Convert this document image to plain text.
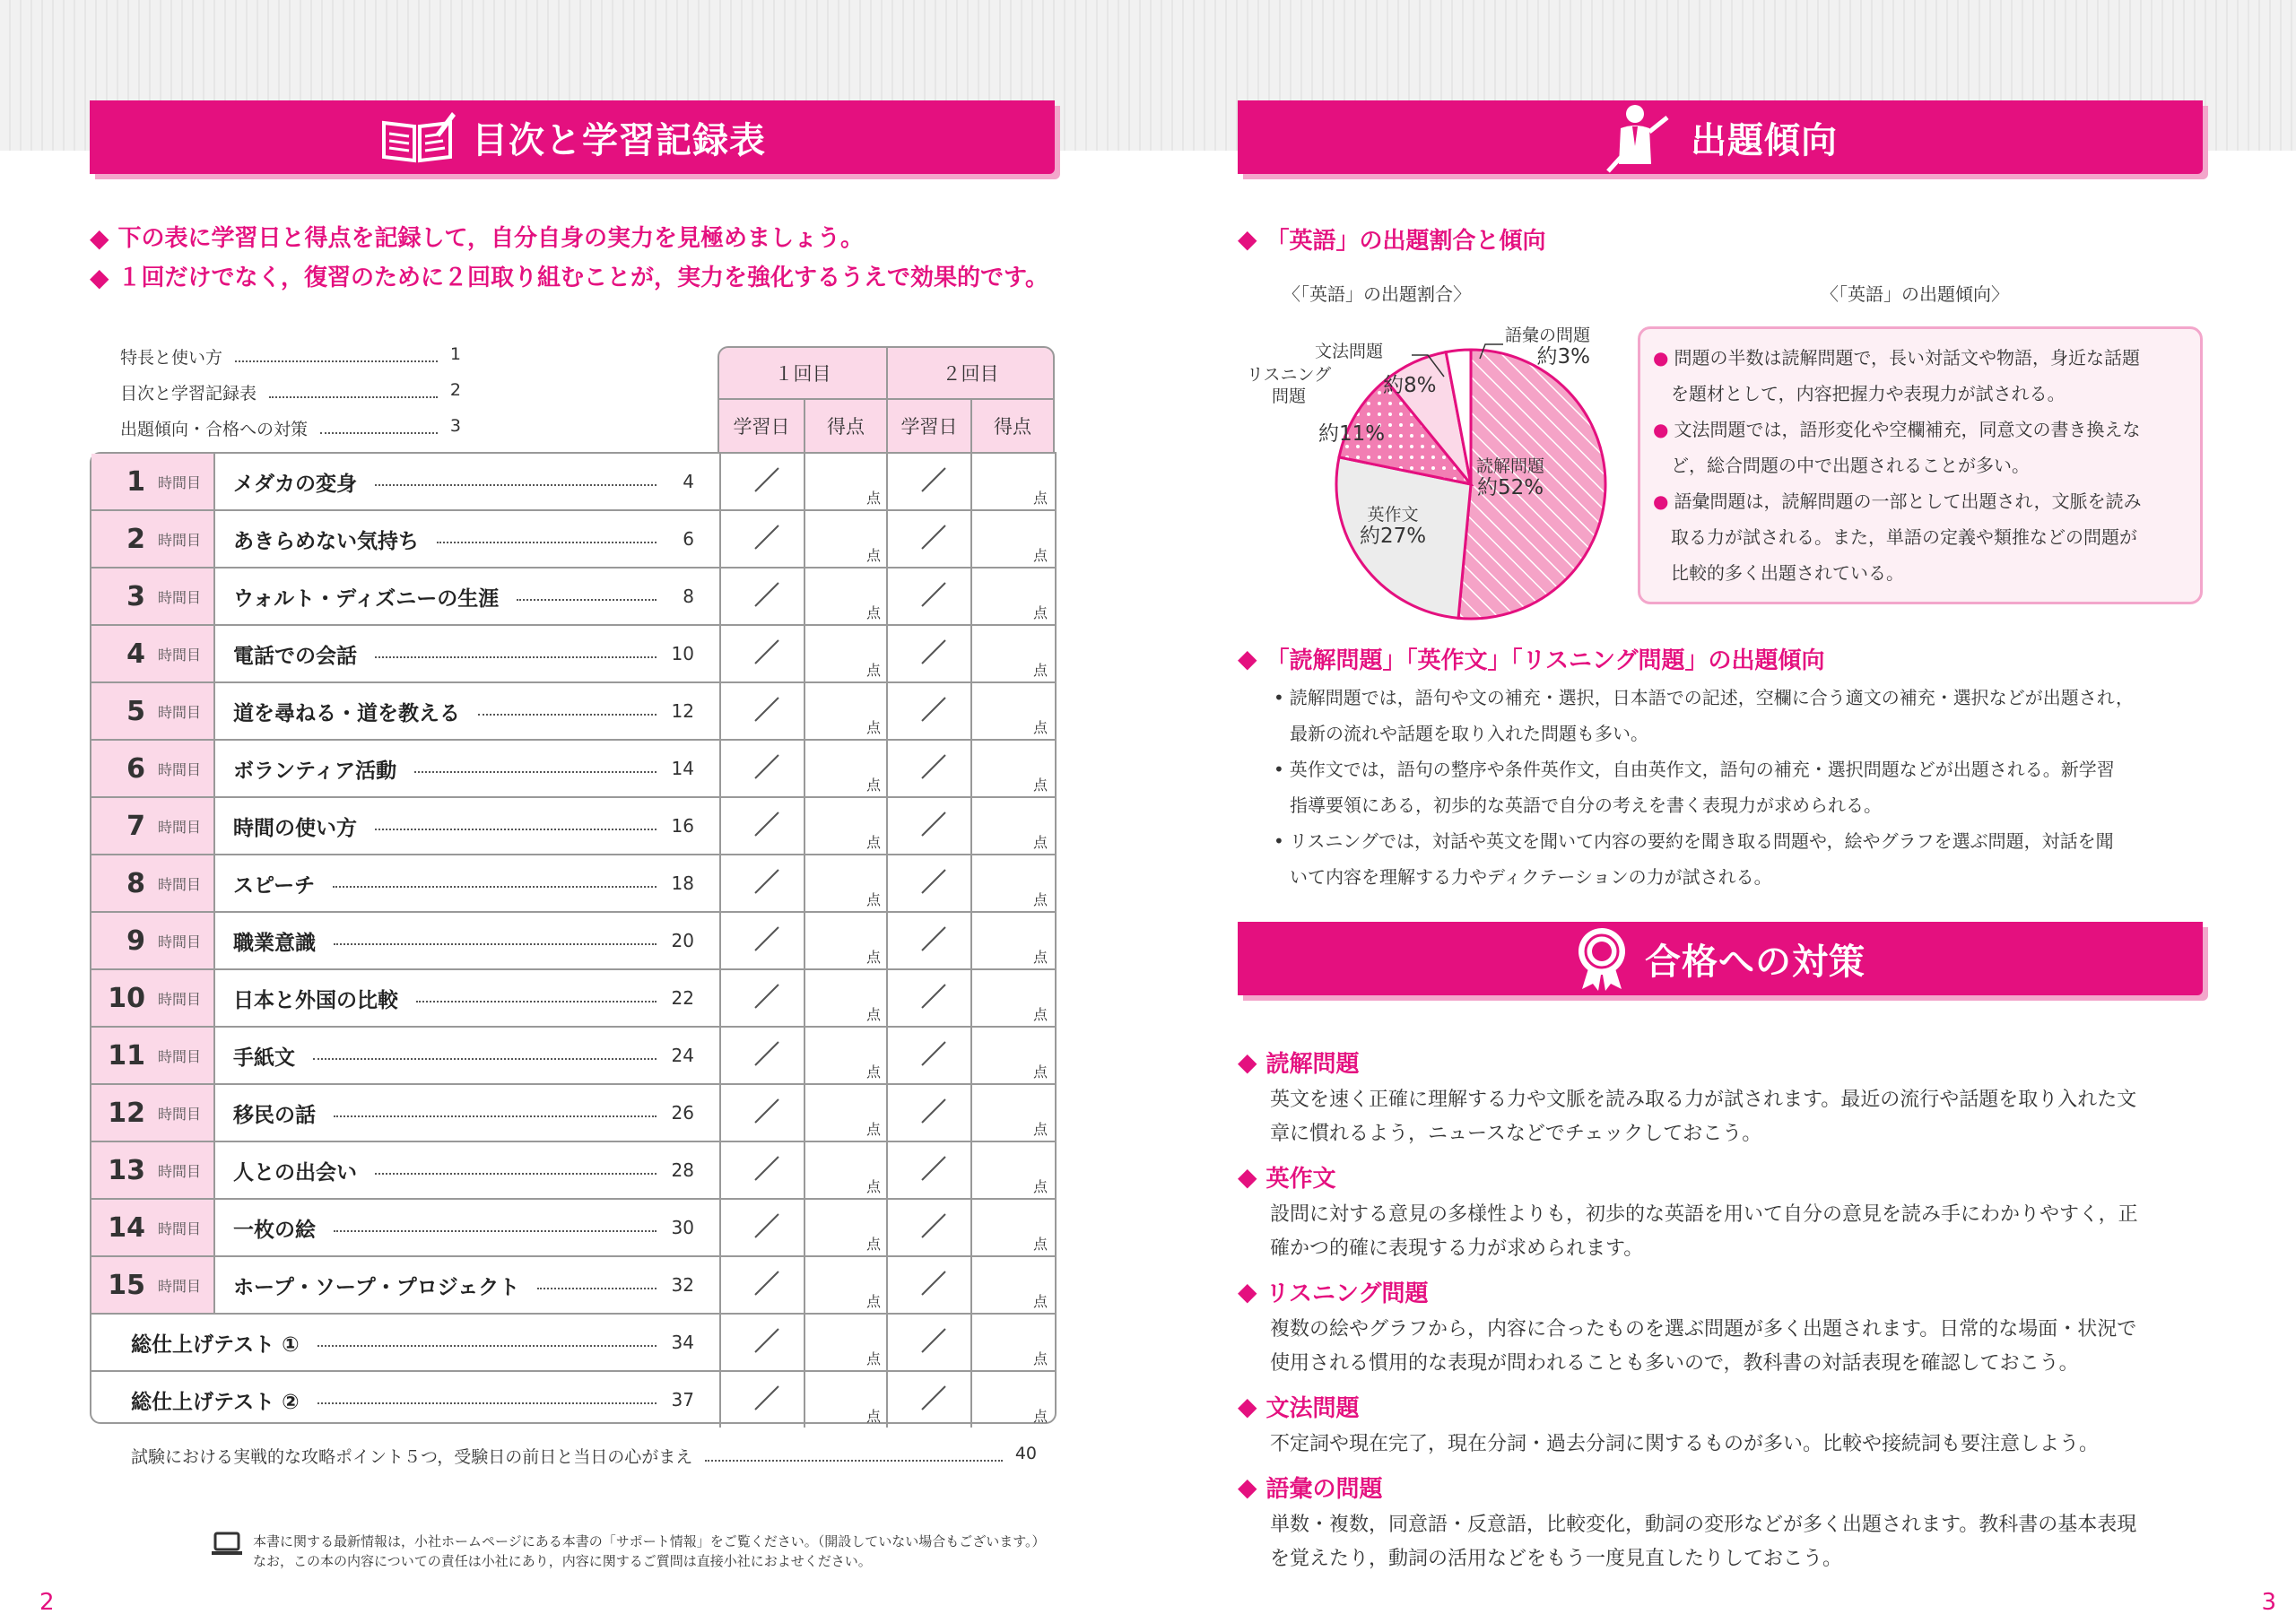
目次と学習記録表
◆ 下の表に学習日と得点を記録して，自分自身の実力を見極めましょう。
◆ １回だけでなく，復習のために２回取り組むことが，実力を強化するうえで効果的です。
特長と使い方	1
目次と学習記録表	2
出題傾向・合格への対策	3
１回目	２回目
学習日	得点	学習日	得点
1 時間目 メダカの変身	4
点	点
2 時間目 あきらめない気持ち	6
点	点
3 時間目 ウォルト・ディズニーの生涯	8
点	点
4 時間目 電話での会話	10
点	点
5 時間目 道を尋ねる・道を教える	12
点	点
6 時間目 ボランティア活動	14
点	点
7 時間目 時間の使い方	16
点	点
8 時間目 スピーチ	18
点	点
9 時間目 職業意識	20
点	点
10 時間目 日本と外国の比較	22
点	点
11 時間目 手紙文	24
点	点
12 時間目 移民の話	26
点	点
13 時間目 人との出会い	28
点	点
14 時間目 一枚の絵	30
点	点
15 時間目 ホープ・ソープ・プロジェクト	32
点	点
総仕上げテスト ①	34
点	点
総仕上げテスト ②	37
点	点
試験における実戦的な攻略ポイント５つ，受験日の前日と当日の心がまえ	40
本書に関する最新情報は，小社ホームページにある本書の「サポート情報」をご覧ください。（開設していない場合もございます。）
なお，この本の内容についての責任は小社にあり，内容に関するご質問は直接小社におよせください。
2
出題傾向
◆ 「英語」の出題割合と傾向
〈「英語」の出題割合〉	〈「英語」の出題傾向〉
読解問題
約52%
英作文
約27%
リスニング問題
約11%
文法問題
約8%
語彙の問題
約3%	● 問題の半数は読解問題で，長い対話文や物語，身近な話題

を題材として，内容把握力や表現力が試される。

● 文法問題では，語形変化や空欄補充，同意文の書き換えな

ど，総合問題の中で出題されることが多い。

● 語彙問題は，読解問題の一部として出題され，文脈を読み

取る力が試される。また，単語の定義や類推などの問題が

比較的多く出題されている。

◆ 「読解問題」「英作文」「リスニング問題」の出題傾向
• 読解問題では，語句や文の補充・選択，日本語での記述，空欄に合う適文の補充・選択などが出題され，
最新の流れや話題を取り入れた問題も多い。
• 英作文では，語句の整序や条件英作文，自由英作文，語句の補充・選択問題などが出題される。新学習
指導要領にある，初歩的な英語で自分の考えを書く表現力が求められる。
• リスニングでは，対話や英文を聞いて内容の要約を聞き取る問題や，絵やグラフを選ぶ問題，対話を聞
いて内容を理解する力やディクテーションの力が試される。
合格への対策
◆ 読解問題
英文を速く正確に理解する力や文脈を読み取る力が試されます。最近の流行や話題を取り入れた文
章に慣れるよう，ニュースなどでチェックしておこう。
◆ 英作文
設問に対する意見の多様性よりも，初歩的な英語を用いて自分の意見を読み手にわかりやすく，正
確かつ的確に表現する力が求められます。
◆ リスニング問題
複数の絵やグラフから，内容に合ったものを選ぶ問題が多く出題されます。日常的な場面・状況で
使用される慣用的な表現が問われることも多いので，教科書の対話表現を確認しておこう。
◆ 文法問題
不定詞や現在完了，現在分詞・過去分詞に関するものが多い。比較や接続詞も要注意しよう。
◆ 語彙の問題
単数・複数，同意語・反意語，比較変化，動詞の変形などが多く出題されます。教科書の基本表現
を覚えたり，動詞の活用などをもう一度見直したりしておこう。
3
